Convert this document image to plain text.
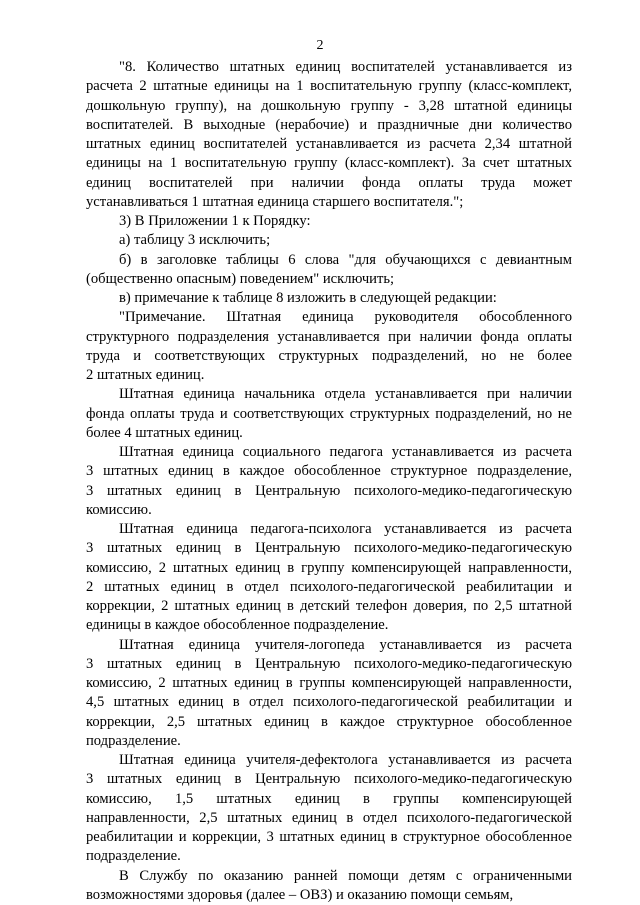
2

"8. Количество штатных единиц воспитателей устанавливается из
расчета 2 штатные единицы на 1 воспитательную группу (класс-комплект,
дошкольную группу), на дошкольную группу - 3,28 штатной единицы
воспитателей. В выходные (нерабочие) и праздничные дни количество
штатных единиц воспитателей устанавливается из расчета 2,34 штатной
единицы на 1 воспитательную группу (класс-комплект). За счет штатных
единиц воспитателей при наличии фонда оплаты труда может
устанавливаться 1 штатная единица старшего воспитателя.";

3) В Приложении 1 к Порядку:

а) таблицу 3 исключить;

б) в заголовке таблицы 6 слова "для обучающихся с девиантным
(общественно опасным) поведением" исключить;

в) примечание к таблице 8 изложить в следующей редакции:

"Примечание. Штатная единица руководителя обособленного
структурного подразделения устанавливается при наличии фонда оплаты
труда и соответствующих структурных подразделений, но не более
2 штатных единиц.

Штатная единица начальника отдела устанавливается при наличии
фонда оплаты труда и соответствующих структурных подразделений, но не
более 4 штатных единиц.

Штатная единица социального педагога устанавливается из расчета
3 штатных единиц в каждое обособленное структурное подразделение,
3 штатных единиц в Центральную психолого-медико-педагогическую
комиссию.

Штатная единица педагога-психолога устанавливается из расчета
3 штатных единиц в Центральную психолого-медико-педагогическую
комиссию, 2 штатных единиц в группу компенсирующей направленности,
2 штатных единиц в отдел психолого-педагогической реабилитации и
коррекции, 2 штатных единиц в детский телефон доверия, по 2,5 штатной
единицы в каждое обособленное подразделение.

Штатная единица учителя-логопеда устанавливается из расчета
3 штатных единиц в Центральную психолого-медико-педагогическую
комиссию, 2 штатных единиц в группы компенсирующей направленности,
4,5 штатных единиц в отдел психолого-педагогической реабилитации и
коррекции, 2,5 штатных единиц в каждое структурное обособленное
подразделение.

Штатная единица учителя-дефектолога устанавливается из расчета
3 штатных единиц в Центральную психолого-медико-педагогическую
комиссию, 1,5 штатных единиц в группы компенсирующей
направленности, 2,5 штатных единиц в отдел психолого-педагогической
реабилитации и коррекции, 3 штатных единиц в структурное обособленное
подразделение.

В Службу по оказанию ранней помощи детям с ограниченными
возможностями здоровья (далее – ОВЗ) и оказанию помощи семьям,
